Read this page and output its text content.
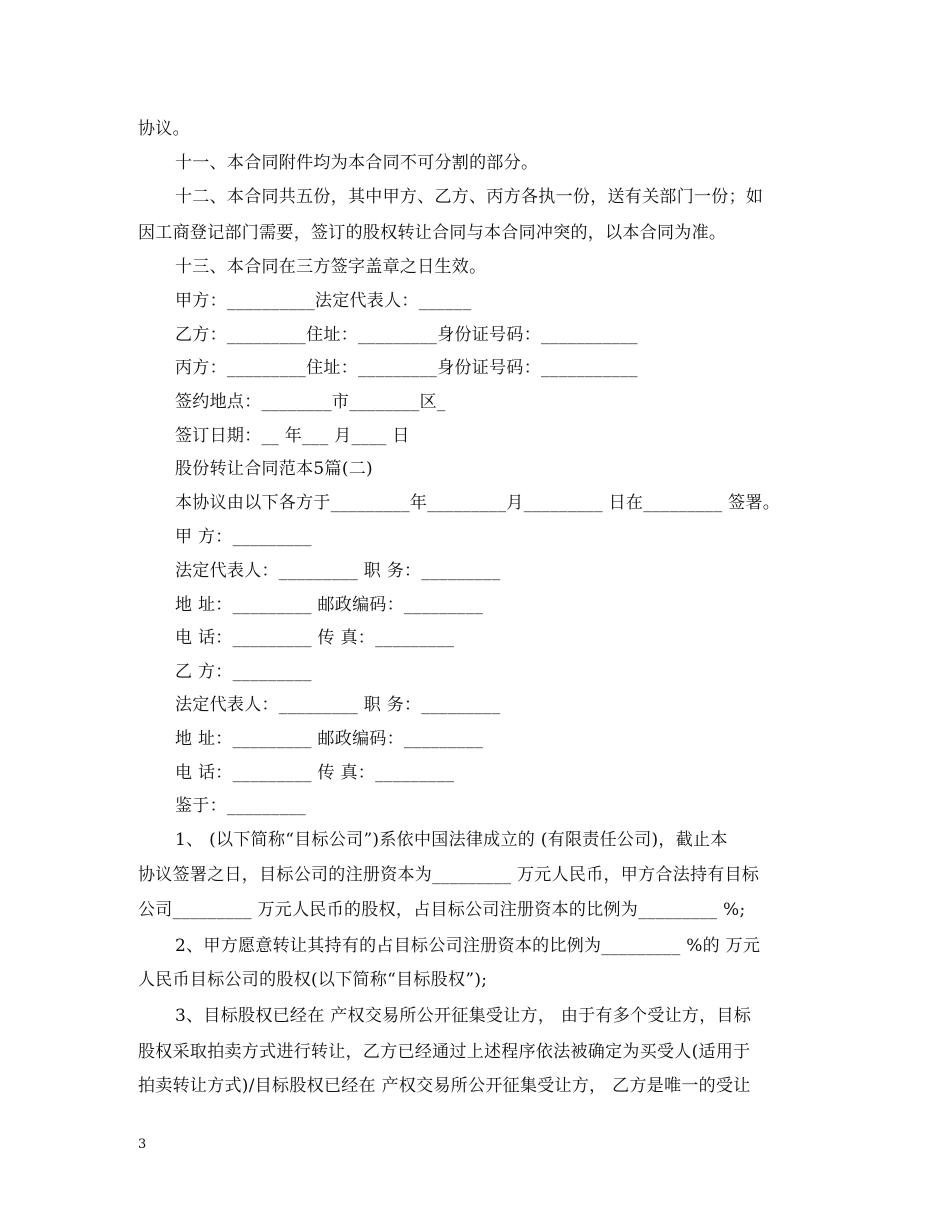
协议。
十一、本合同附件均为本合同不可分割的部分。
十二、本合同共五份，其中甲方、乙方、丙方各执一份，送有关部门一份；如
因工商登记部门需要，签订的股权转让合同与本合同冲突的，以本合同为准。
十三、本合同在三方签字盖章之日生效。
甲方：__________法定代表人：______
乙方：_________住址：_________身份证号码：___________
丙方：_________住址：_________身份证号码：___________
签约地点：________市________区_
签订日期：__ 年___ 月____ 日
股份转让合同范本5篇(二)
本协议由以下各方于_________年_________月_________ 日在_________ 签署。
甲 方：_________
法定代表人：_________ 职 务：_________
地 址：_________ 邮政编码：_________
电 话：_________ 传 真：_________
乙 方：_________
法定代表人：_________ 职 务：_________
地 址：_________ 邮政编码：_________
电 话：_________ 传 真：_________
鉴于：_________
1、 (以下简称“目标公司”)系依中国法律成立的 (有限责任公司)，截止本
协议签署之日，目标公司的注册资本为_________ 万元人民币，甲方合法持有目标
公司_________ 万元人民币的股权，占目标公司注册资本的比例为_________ %;
2、甲方愿意转让其持有的占目标公司注册资本的比例为_________ %的 万元
人民币目标公司的股权(以下简称“目标股权”);
3、目标股权已经在 产权交易所公开征集受让方， 由于有多个受让方，目标
股权采取拍卖方式进行转让，乙方已经通过上述程序依法被确定为买受人(适用于
拍卖转让方式)/目标股权已经在 产权交易所公开征集受让方， 乙方是唯一的受让
3
